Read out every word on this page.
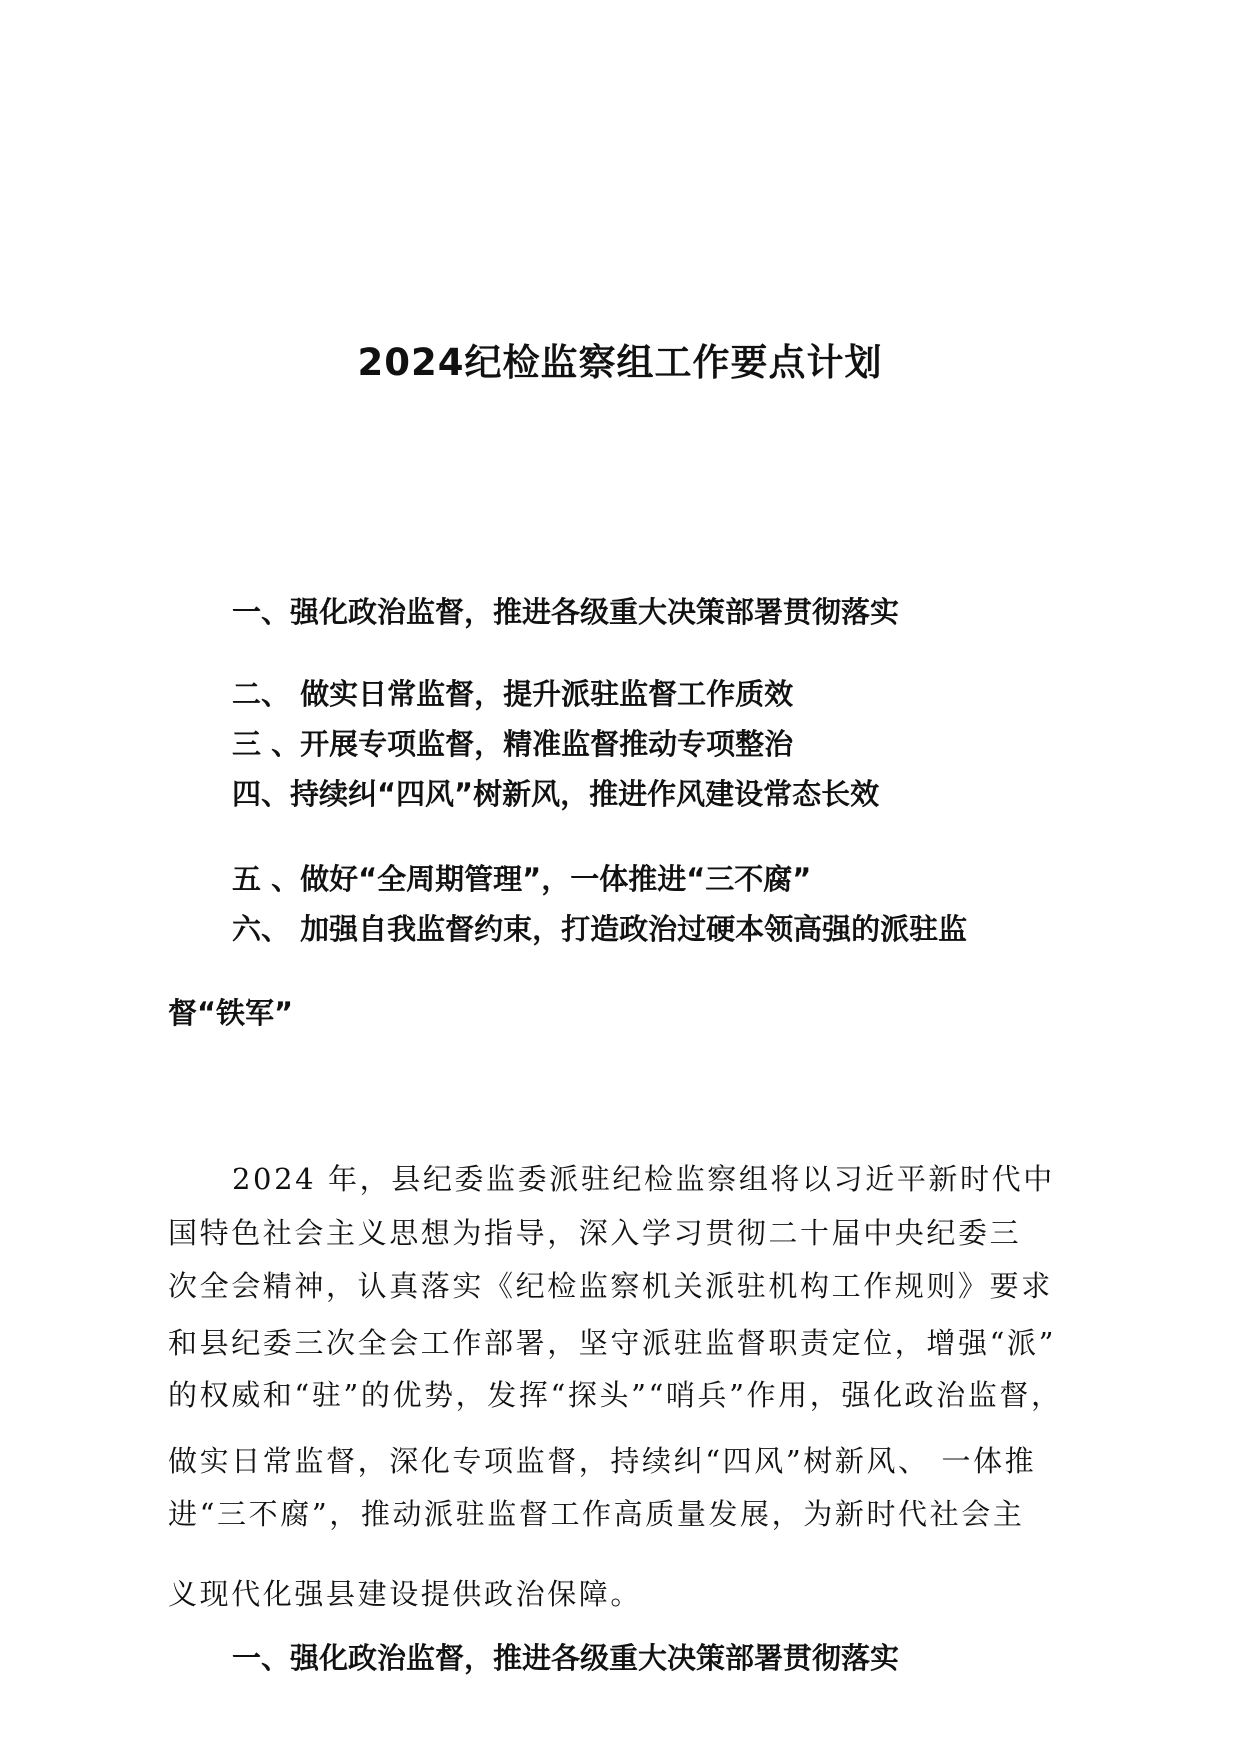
2024纪检监察组工作要点计划
一、强化政治监督，推进各级重大决策部署贯彻落实
二、 做实日常监督，提升派驻监督工作质效
三 、开展专项监督，精准监督推动专项整治
四、持续纠“四风”树新风，推进作风建设常态长效
五 、做好“全周期管理”，一体推进“三不腐”
六、 加强自我监督约束，打造政治过硬本领高强的派驻监
督“铁军”
2024 年，县纪委监委派驻纪检监察组将以习近平新时代中
国特色社会主义思想为指导，深入学习贯彻二十届中央纪委三
次全会精神，认真落实《纪检监察机关派驻机构工作规则》要求
和县纪委三次全会工作部署，坚守派驻监督职责定位，增强“派”
的权威和“驻”的优势，发挥“探头”“哨兵”作用，强化政治监督，
做实日常监督，深化专项监督，持续纠“四风”树新风、 一体推
进“三不腐”，推动派驻监督工作高质量发展，为新时代社会主
义现代化强县建设提供政治保障。
一、强化政治监督，推进各级重大决策部署贯彻落实
